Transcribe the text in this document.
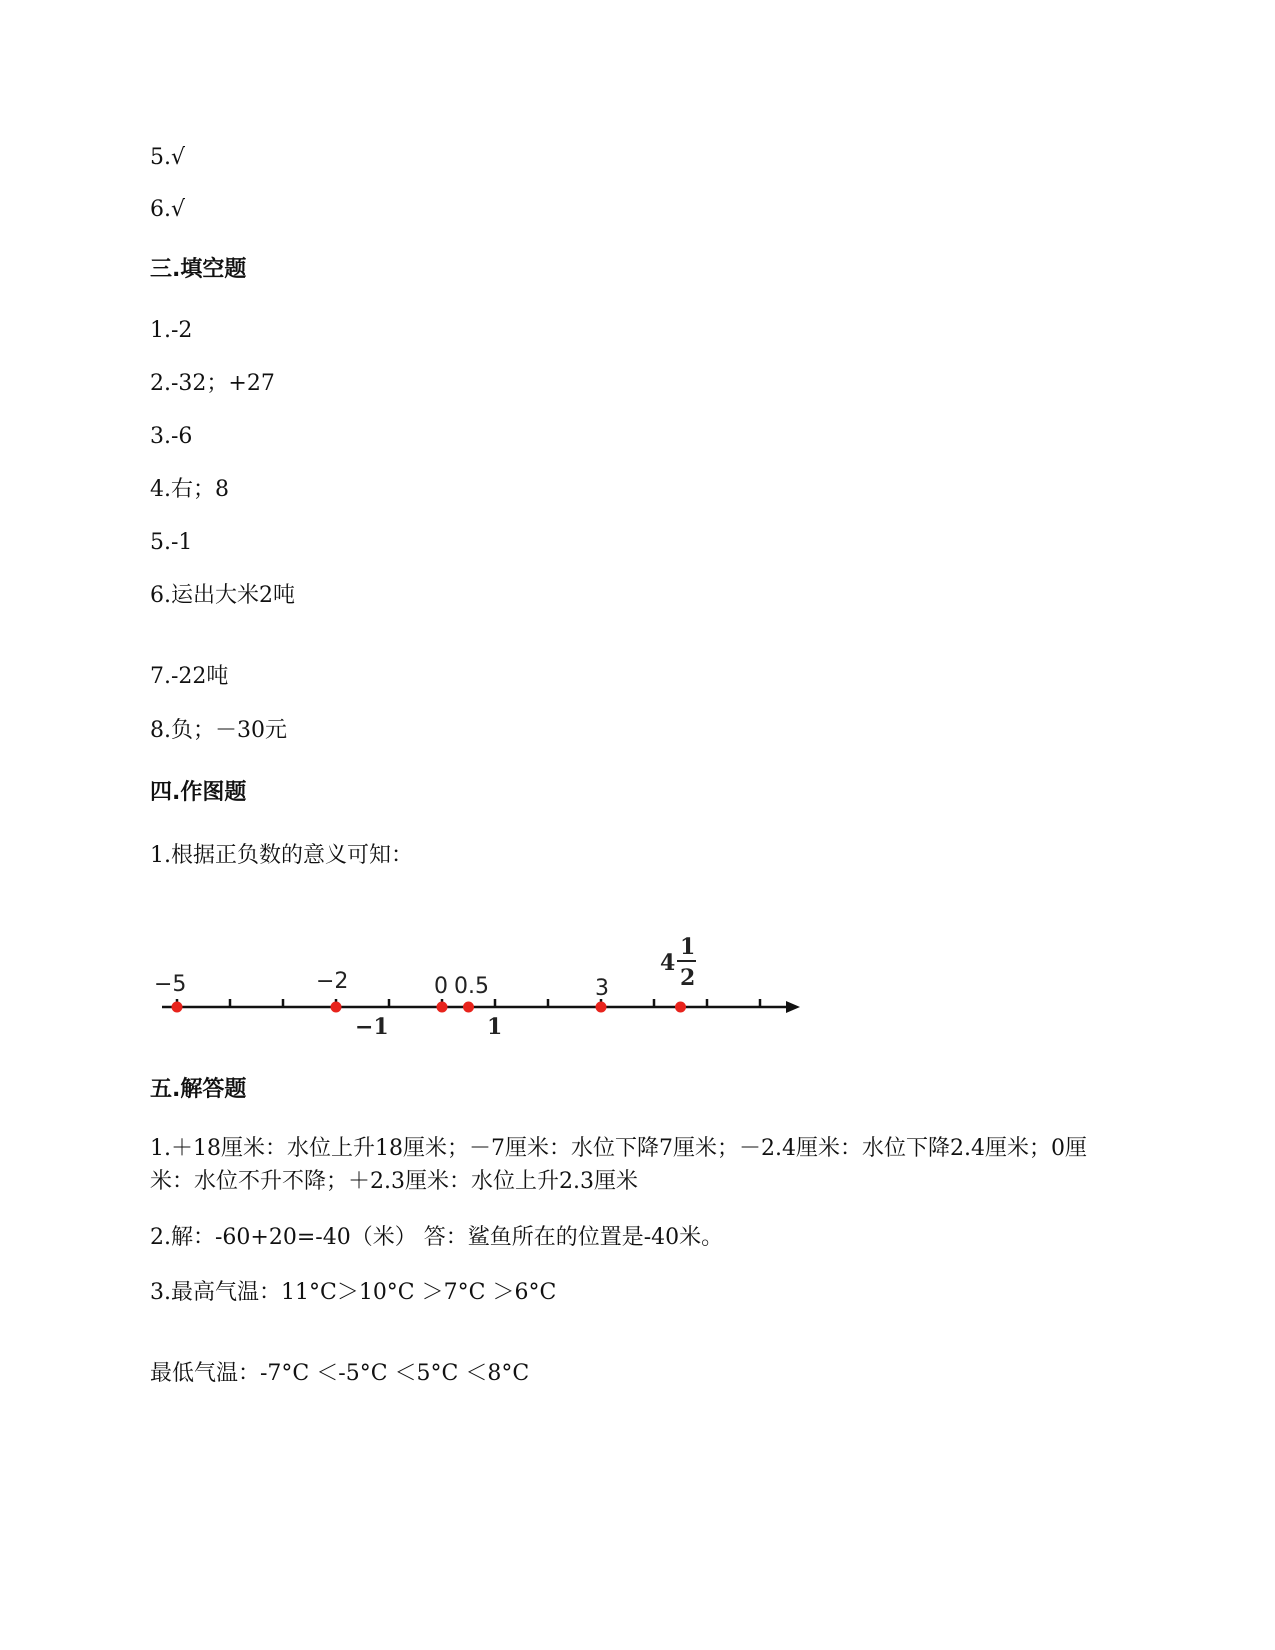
5.√
6.√
三.填空题
1.-2
2.-32；+27
3.-6
4.右；8
5.-1
6.运出大米2吨
7.-22吨
8.负；－30元
四.作图题
1.根据正负数的意义可知：
−5	−2	0 0.5	3
−1	1
4
1
2
五.解答题
1.＋18厘米：水位上升18厘米；－7厘米：水位下降7厘米；－2.4厘米：水位下降2.4厘米；0厘米：水位不升不降；＋2.3厘米：水位上升2.3厘米
2.解：-60+20=-40（米） 答：鲨鱼所在的位置是-40米。
3.最高气温：11°C＞10°C ＞7°C ＞6°C
最低气温：-7°C ＜-5°C ＜5°C ＜8°C
